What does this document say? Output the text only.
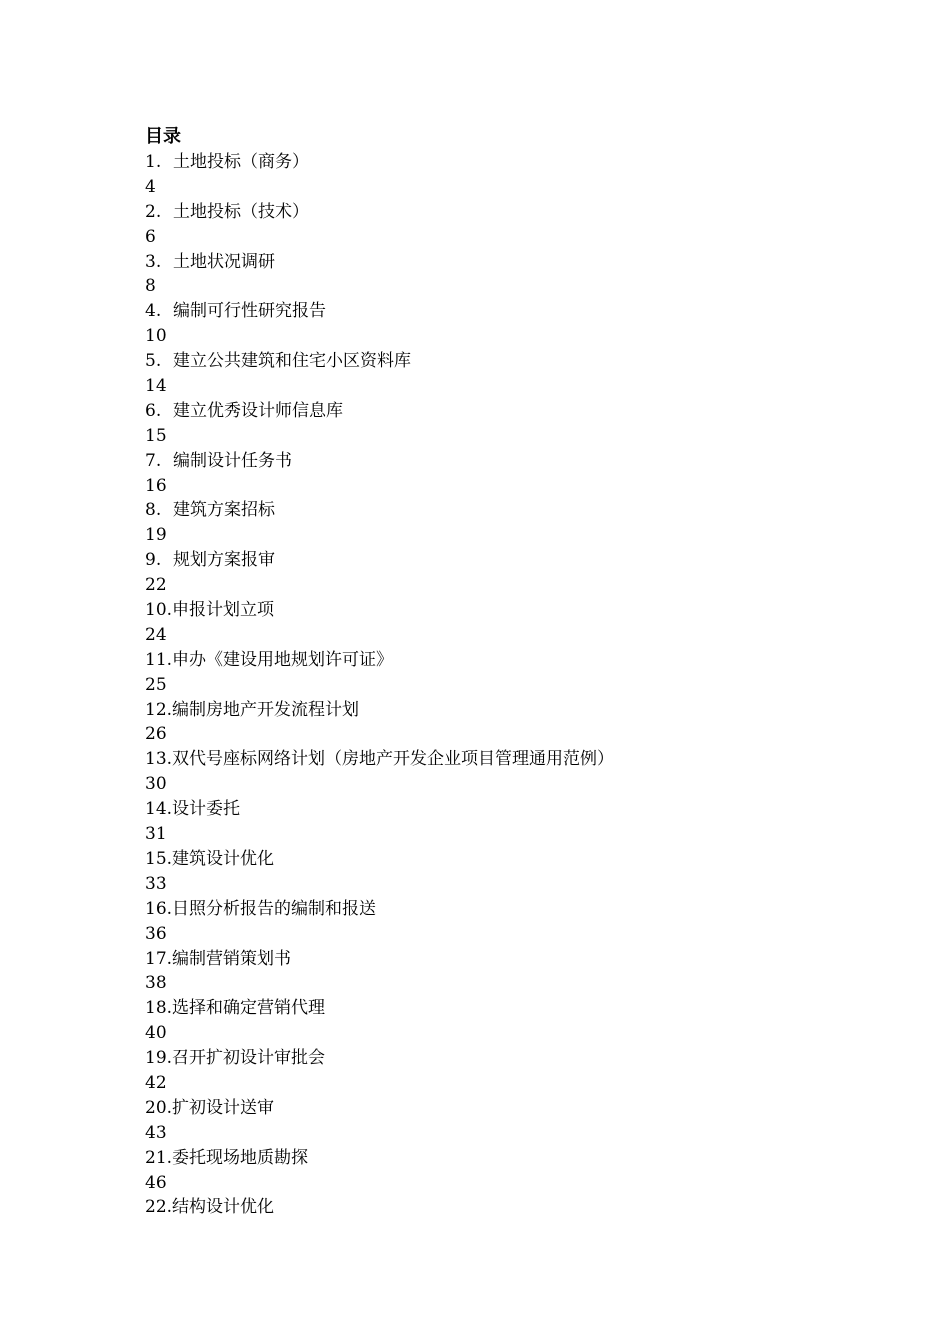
目录
1. 土地投标（商务）
4
2. 土地投标（技术）
6
3. 土地状况调研
8
4. 编制可行性研究报告
10
5. 建立公共建筑和住宅小区资料库
14
6. 建立优秀设计师信息库
15
7. 编制设计任务书
16
8. 建筑方案招标
19
9. 规划方案报审
22
10.申报计划立项
24
11.申办《建设用地规划许可证》
25
12.编制房地产开发流程计划
26
13.双代号座标网络计划（房地产开发企业项目管理通用范例）
30
14.设计委托
31
15.建筑设计优化
33
16.日照分析报告的编制和报送
36
17.编制营销策划书
38
18.选择和确定营销代理
40
19.召开扩初设计审批会
42
20.扩初设计送审
43
21.委托现场地质勘探
46
22.结构设计优化
